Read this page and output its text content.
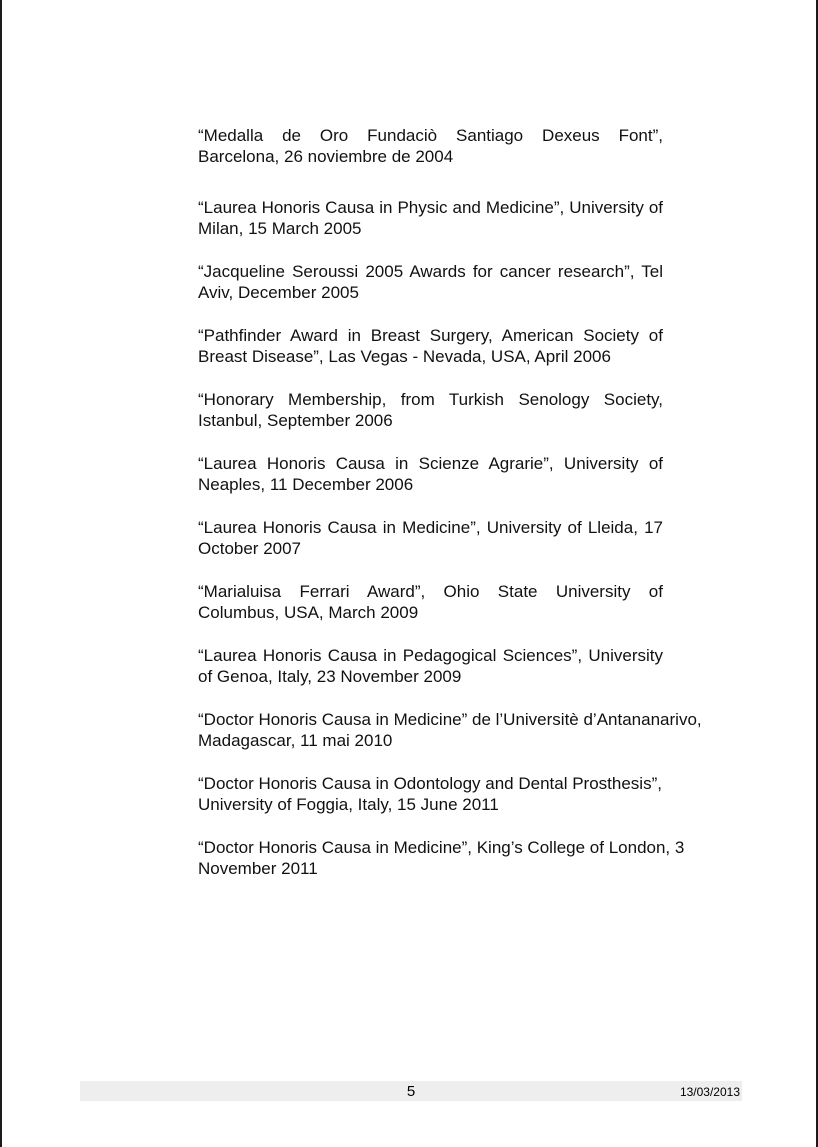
“Medalla de Oro Fundaciò Santiago Dexeus Font”, Barcelona, 26 noviembre de 2004

“Laurea Honoris Causa in Physic and Medicine”, University of Milan, 15 March 2005

“Jacqueline Seroussi 2005 Awards for cancer research”, Tel Aviv, December 2005

“Pathfinder Award in Breast Surgery, American Society of Breast Disease”, Las Vegas - Nevada, USA, April 2006

“Honorary Membership, from Turkish Senology Society, Istanbul, September 2006

“Laurea Honoris Causa in Scienze Agrarie”, University of Neaples, 11 December 2006

“Laurea Honoris Causa in Medicine”, University of Lleida, 17 October 2007

“Marialuisa Ferrari Award”, Ohio State University of Columbus, USA, March 2009

“Laurea Honoris Causa in Pedagogical Sciences”, University of Genoa, Italy, 23 November 2009

“Doctor Honoris Causa in Medicine” de l’Universitè d’Antananarivo, Madagascar, 11 mai 2010

“Doctor Honoris Causa in Odontology and Dental Prosthesis”, University of Foggia, Italy, 15 June 2011

“Doctor Honoris Causa in Medicine”, King’s College of London, 3 November 2011

5	13/03/2013
